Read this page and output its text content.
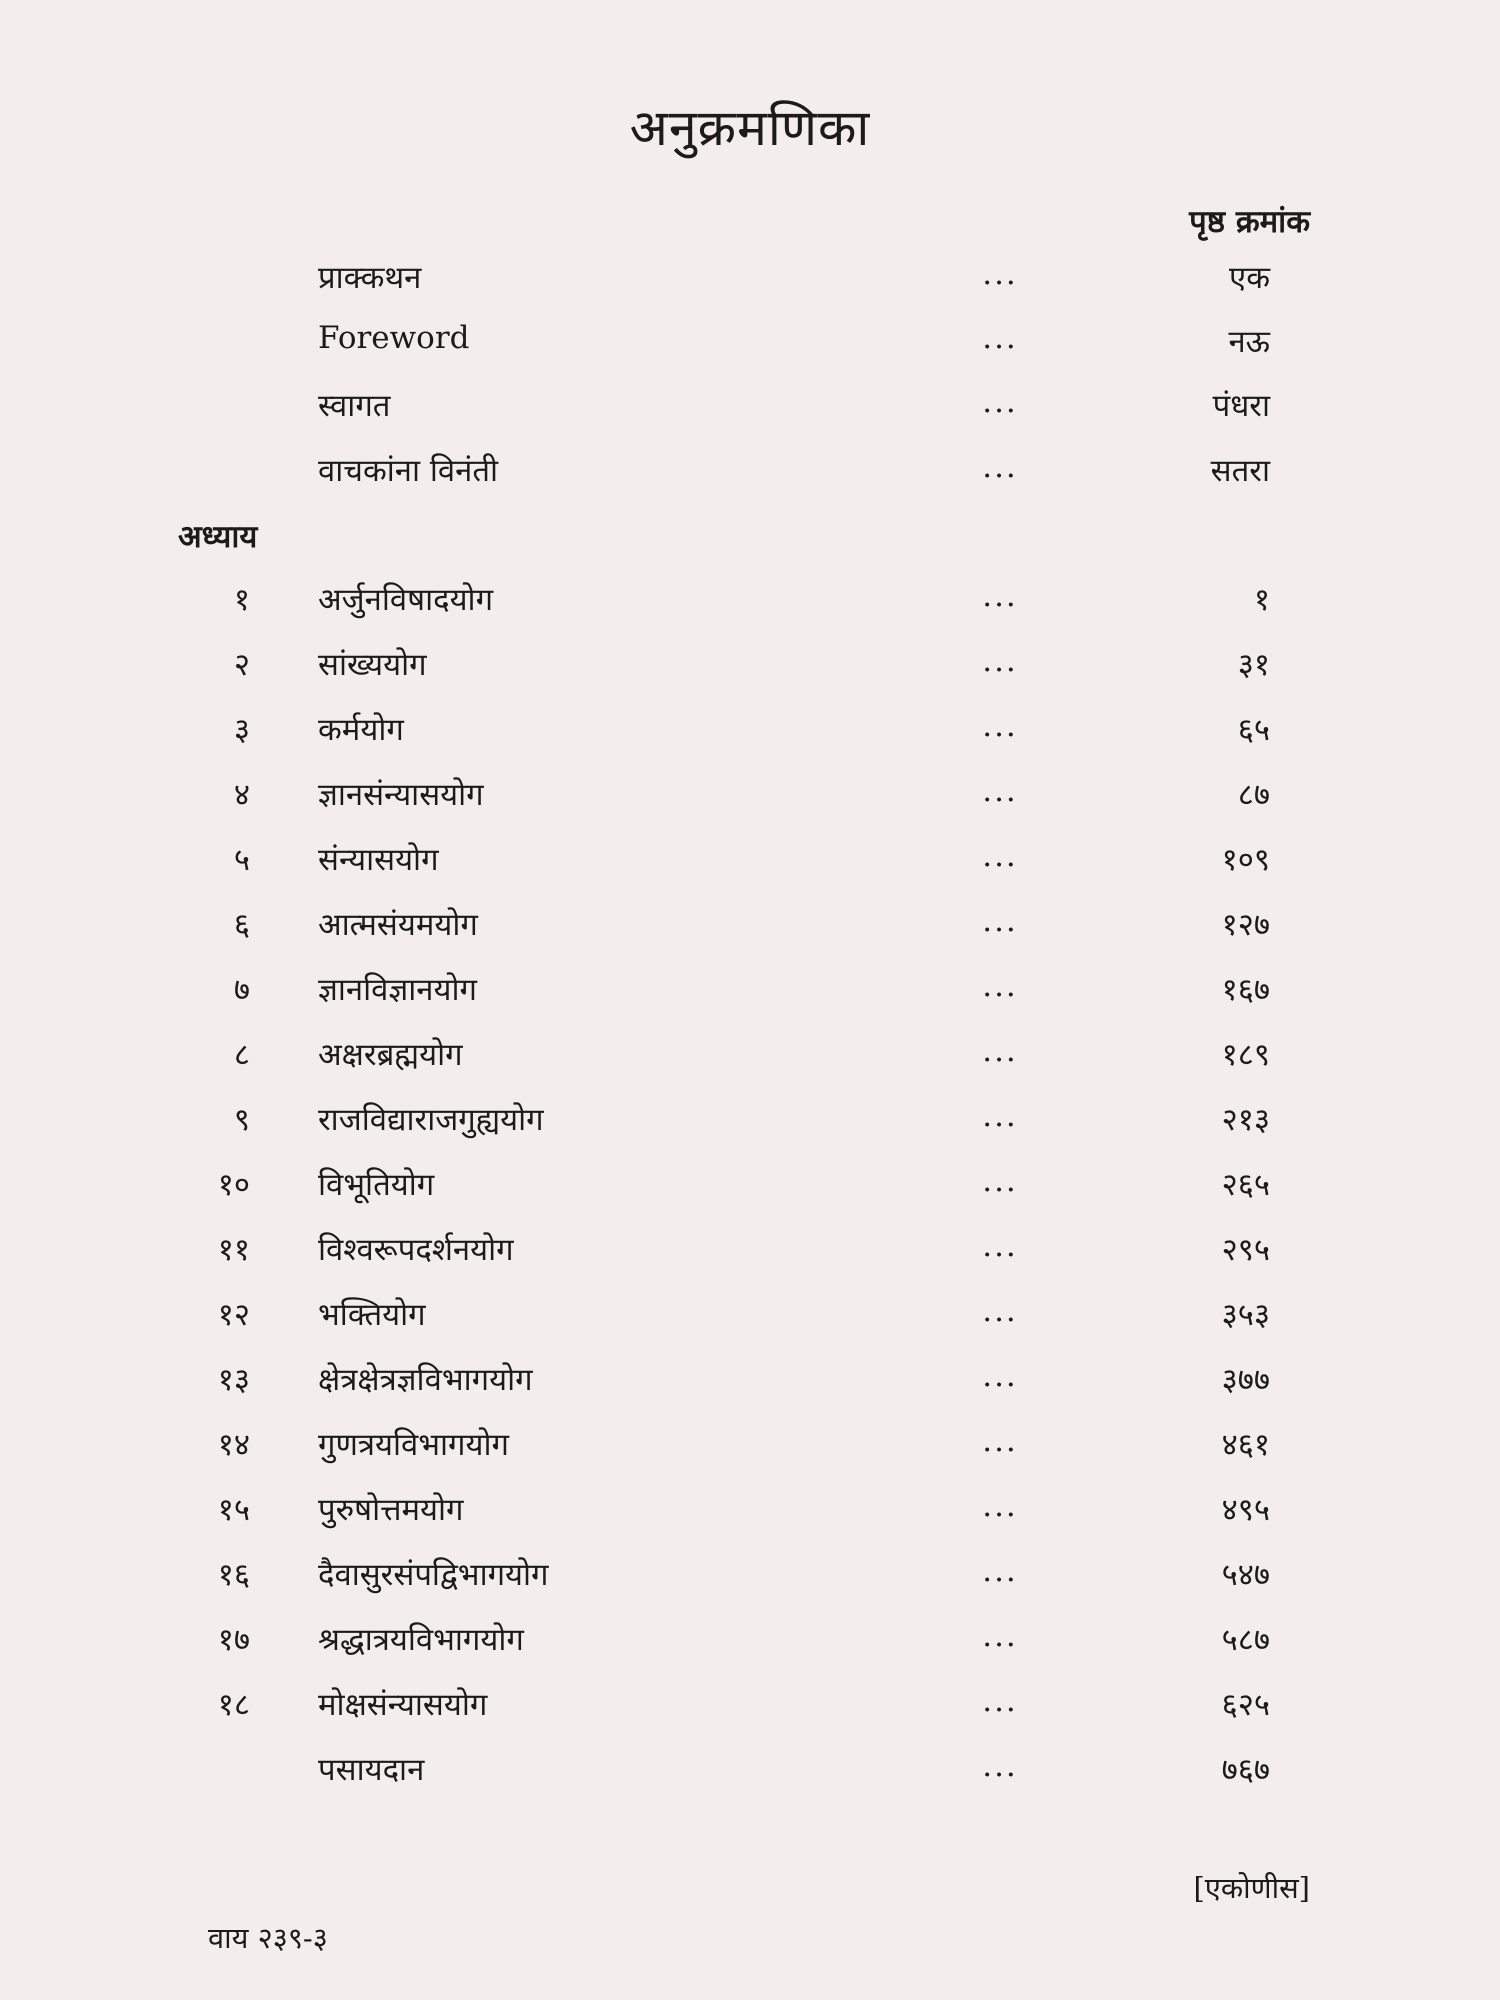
अनुक्रमणिका
पृष्ठ क्रमांक
प्राक्कथन	...	एक
Foreword	...	नऊ
स्वागत	...	पंधरा
वाचकांना विनंती	...	सतरा
अध्याय
१ अर्जुनविषादयोग	...	१
२ सांख्ययोग	...	३१
३ कर्मयोग	...	६५
४ ज्ञानसंन्यासयोग	...	८७
५ संन्यासयोग	...	१०९
६ आत्मसंयमयोग	...	१२७
७ ज्ञानविज्ञानयोग	...	१६७
८ अक्षरब्रह्मयोग	...	१८९
९ राजविद्याराजगुह्ययोग	...	२१३
१० विभूतियोग	...	२६५
११ विश्वरूपदर्शनयोग	...	२९५
१२ भक्तियोग	...	३५३
१३ क्षेत्रक्षेत्रज्ञविभागयोग	...	३७७
१४ गुणत्रयविभागयोग	...	४६१
१५ पुरुषोत्तमयोग	...	४९५
१६ दैवासुरसंपद्विभागयोग	...	५४७
१७ श्रद्धात्रयविभागयोग	...	५८७
१८ मोक्षसंन्यासयोग	...	६२५
पसायदान	...	७६७
[एकोणीस]
वाय २३९-३
